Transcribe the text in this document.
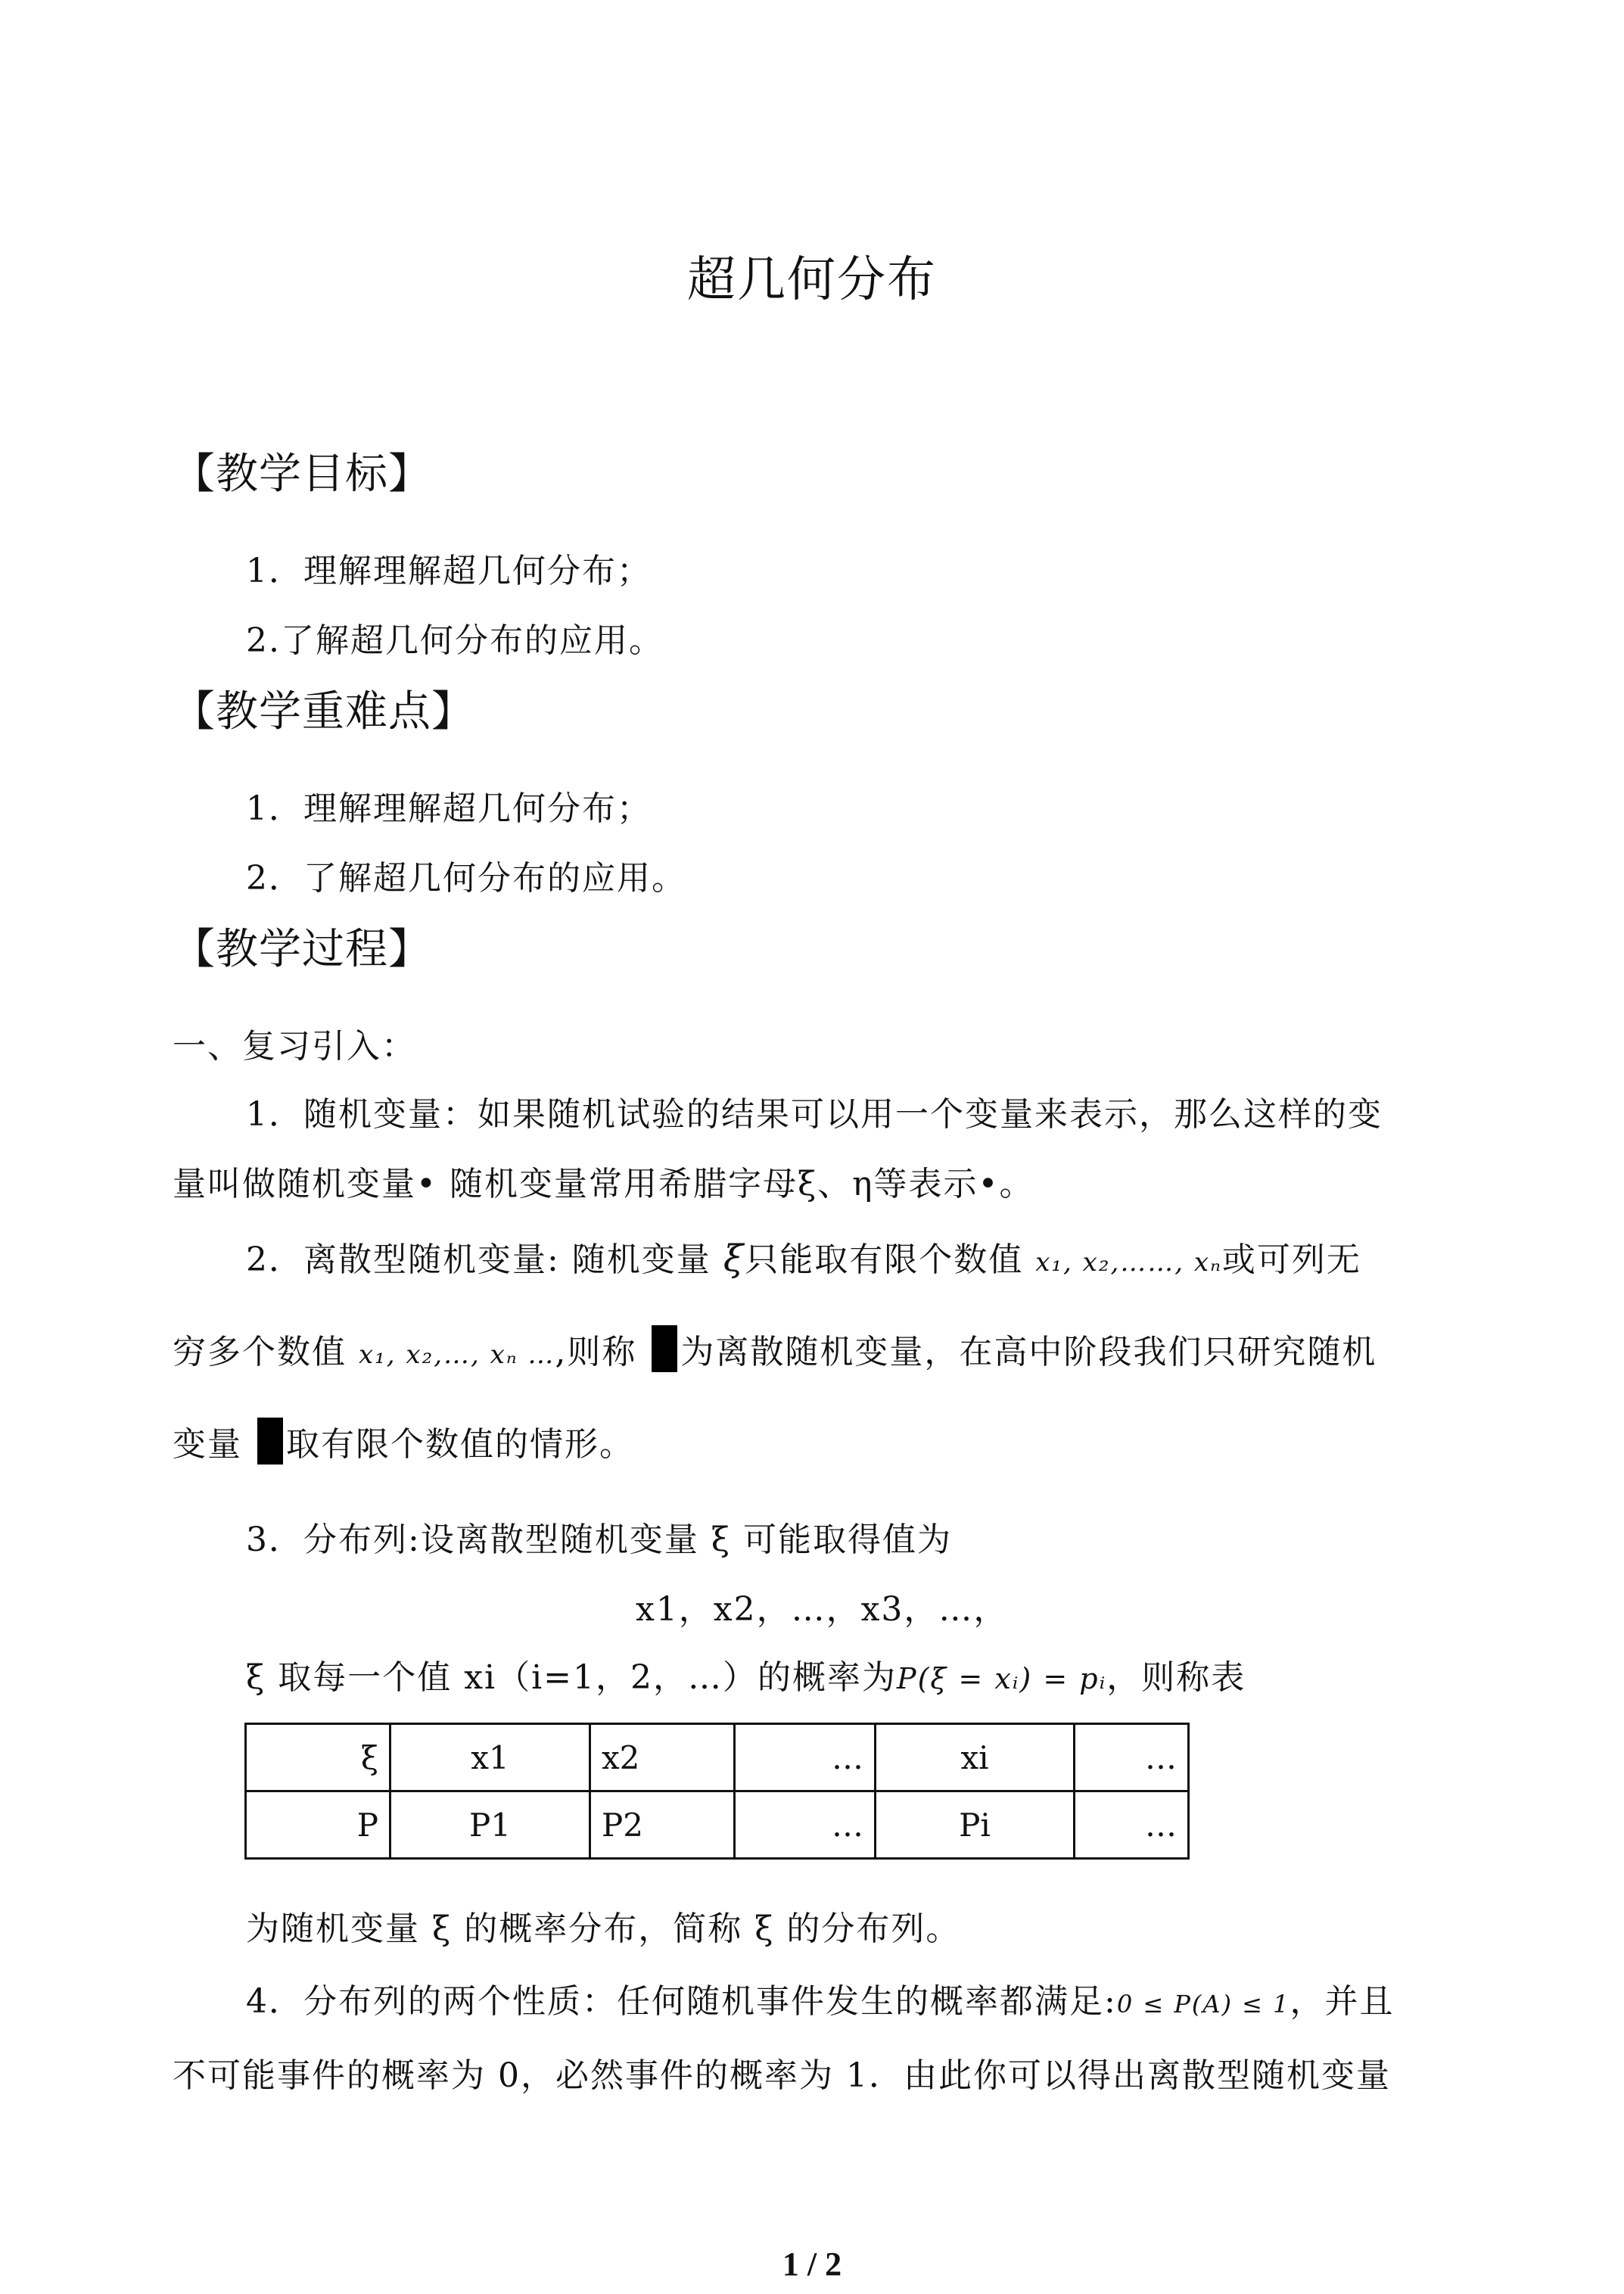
超几何分布
【教学目标】
1．理解理解超几何分布；
2.了解超几何分布的应用。
【教学重难点】
1．理解理解超几何分布；
2．了解超几何分布的应用。
【教学过程】
一、复习引入：
1．随机变量：如果随机试验的结果可以用一个变量来表示，那么这样的变
量叫做随机变量• 随机变量常用希腊字母ξ、η等表示•。
2．离散型随机变量: 随机变量 ξ只能取有限个数值 x₁, x₂,……, xₙ或可列无
穷多个数值 x₁, x₂,…, xₙ …,则称 为离散随机变量，在高中阶段我们只研究随机
变量 取有限个数值的情形。
3．分布列:设离散型随机变量 ξ 可能取得值为
x1，x2，…，x3，…，
ξ 取每一个值 xi（i=1，2，…）的概率为P(ξ = xᵢ) = pᵢ，则称表
ξ	x1	x2	…	xi	…
P	P1	P2	…	Pi	…
为随机变量 ξ 的概率分布，简称 ξ 的分布列。
4．分布列的两个性质：任何随机事件发生的概率都满足:0 ≤ P(A) ≤ 1，并且
不可能事件的概率为 0，必然事件的概率为 1．由此你可以得出离散型随机变量
1 / 2
